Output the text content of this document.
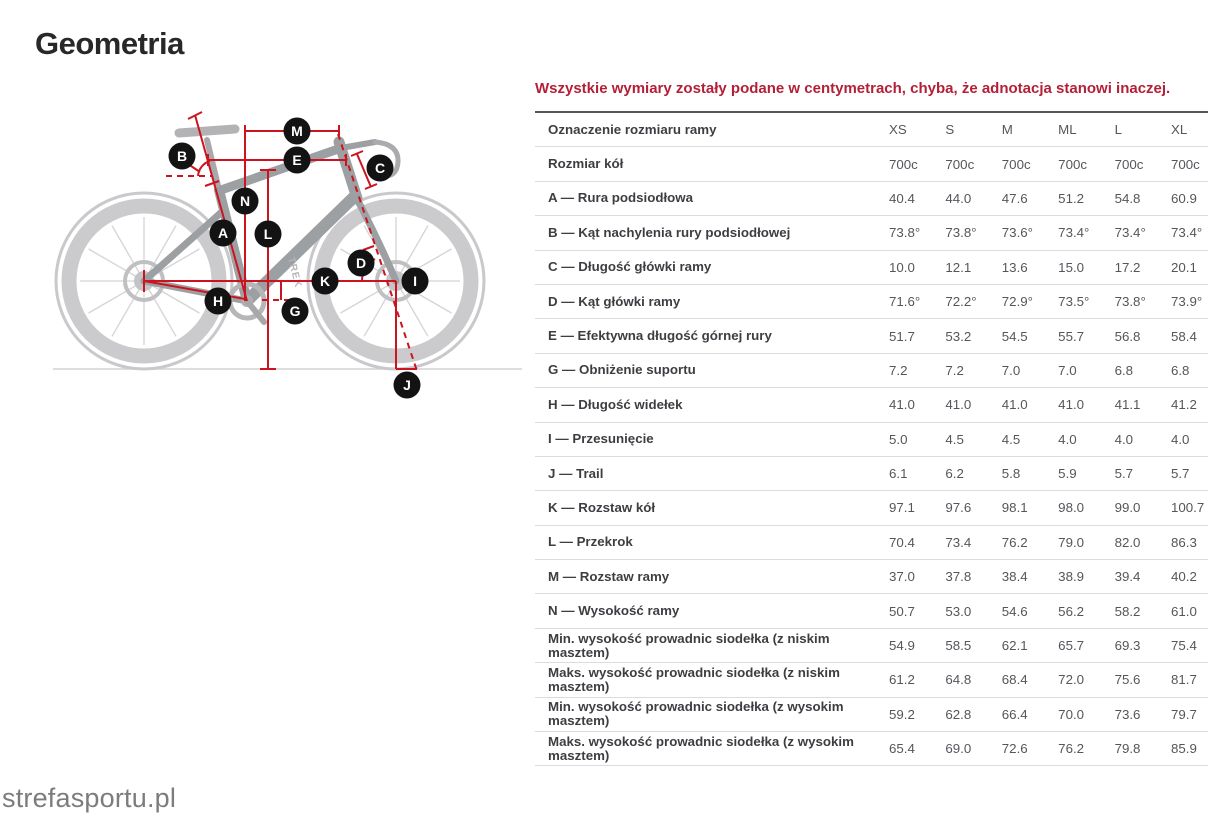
Geometria
TREK
A
B
C
D
E
G
H
I
J
K
L
M
N

Wszystkie wymiary zostały podane w centymetrach, chyba, że adnotacja stanowi inaczej.

Oznaczenie rozmiaru ramy	XS	S	M	ML	L	XL
Rozmiar kół	700c	700c	700c	700c	700c	700c
A — Rura podsiodłowa	40.4	44.0	47.6	51.2	54.8	60.9
B — Kąt nachylenia rury podsiodłowej	73.8°	73.8°	73.6°	73.4°	73.4°	73.4°
C — Długość główki ramy	10.0	12.1	13.6	15.0	17.2	20.1
D — Kąt główki ramy	71.6°	72.2°	72.9°	73.5°	73.8°	73.9°
E — Efektywna długość górnej rury	51.7	53.2	54.5	55.7	56.8	58.4
G — Obniżenie suportu	7.2	7.2	7.0	7.0	6.8	6.8
H — Długość widełek	41.0	41.0	41.0	41.0	41.1	41.2
I — Przesunięcie	5.0	4.5	4.5	4.0	4.0	4.0
J — Trail	6.1	6.2	5.8	5.9	5.7	5.7
K — Rozstaw kół	97.1	97.6	98.1	98.0	99.0	100.7
L — Przekrok	70.4	73.4	76.2	79.0	82.0	86.3
M — Rozstaw ramy	37.0	37.8	38.4	38.9	39.4	40.2
N — Wysokość ramy	50.7	53.0	54.6	56.2	58.2	61.0
Min. wysokość prowadnic siodełka (z niskim masztem)	54.9	58.5	62.1	65.7	69.3	75.4
Maks. wysokość prowadnic siodełka (z niskim masztem)	61.2	64.8	68.4	72.0	75.6	81.7
Min. wysokość prowadnic siodełka (z wysokim masztem)	59.2	62.8	66.4	70.0	73.6	79.7
Maks. wysokość prowadnic siodełka (z wysokim masztem)	65.4	69.0	72.6	76.2	79.8	85.9
strefasportu.pl
